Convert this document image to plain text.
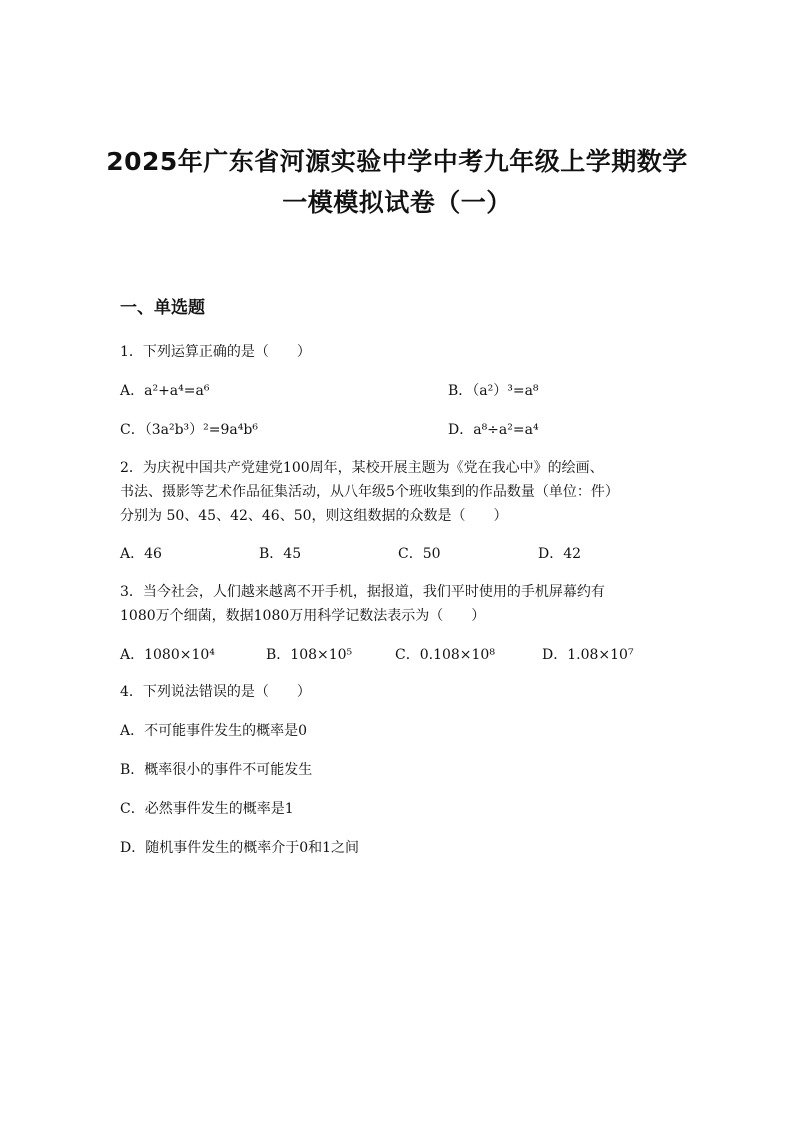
2025年广东省河源实验中学中考九年级上学期数学
一模模拟试卷（一）
一、单选题
1．下列运算正确的是（　　）
A．a²+a⁴=a⁶	B．（a²）³=a⁸
C．（3a²b³）²=9a⁴b⁶	D．a⁸÷a²=a⁴
2．为庆祝中国共产党建党100周年，某校开展主题为《党在我心中》的绘画、
书法、摄影等艺术作品征集活动，从八年级5个班收集到的作品数量（单位：件）
分别为 50、45、42、46、50，则这组数据的众数是（　　）
A．46	B．45	C．50	D．42
3．当今社会，人们越来越离不开手机，据报道，我们平时使用的手机屏幕约有
1080万个细菌，数据1080万用科学记数法表示为（　　）
A．1080×10⁴	B．108×10⁵	C．0.108×10⁸	D．1.08×10⁷
4．下列说法错误的是（　　）
A．不可能事件发生的概率是0
B．概率很小的事件不可能发生
C．必然事件发生的概率是1
D．随机事件发生的概率介于0和1之间
